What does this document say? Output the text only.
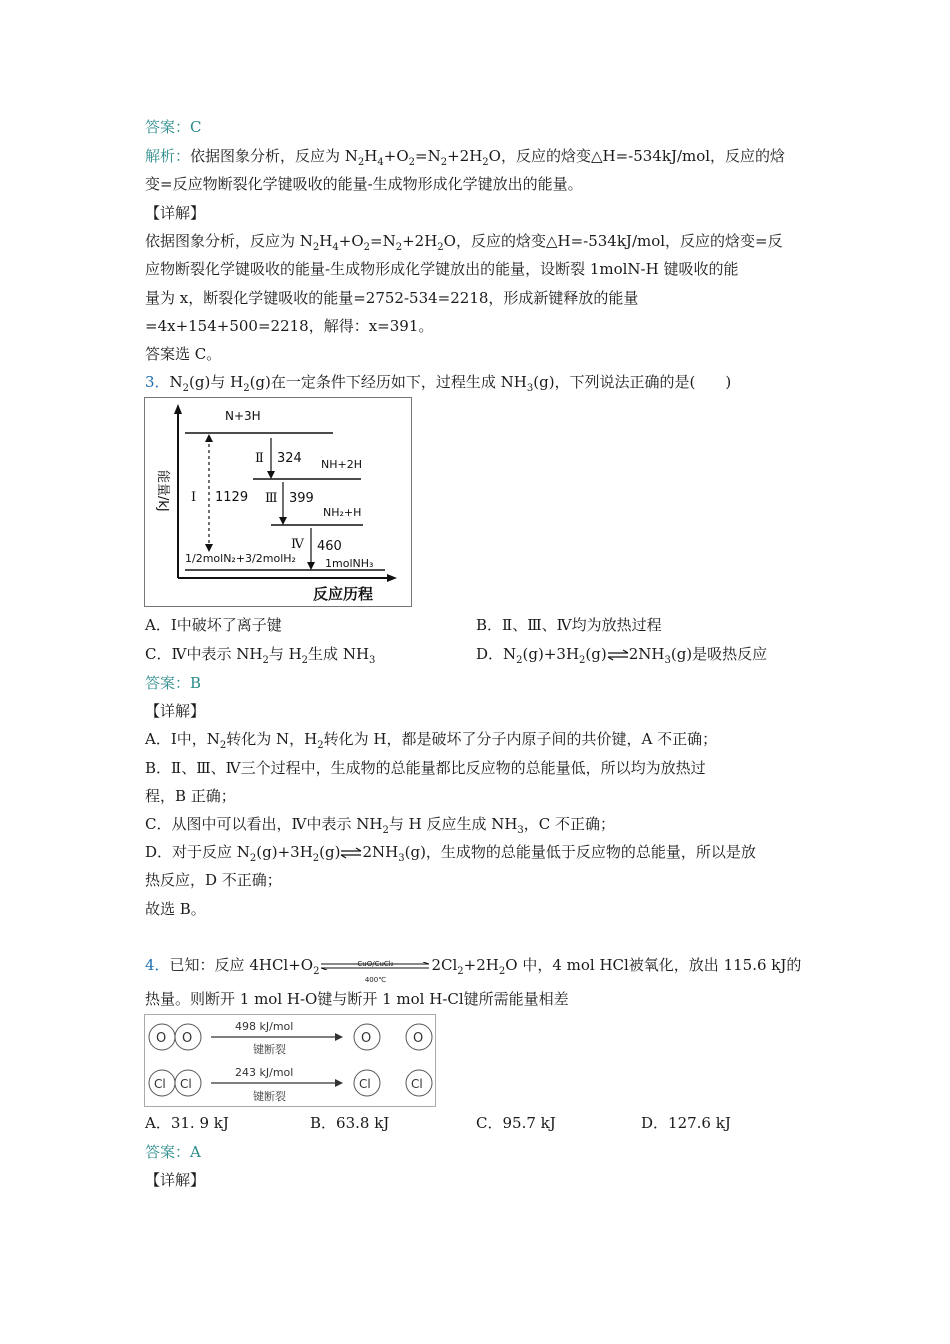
答案：C
解析：依据图象分析，反应为 $N_2H_4+O_2=N_2+2H_2O$，反应的焓变△H=-534kJ/mol，反应的焓
变=反应物断裂化学键吸收的能量-生成物形成化学键放出的能量。
【详解】
依据图象分析，反应为 $N_2H_4+O_2=N_2+2H_2O$，反应的焓变△H=-534kJ/mol，反应的焓变=反
应物断裂化学键吸收的能量-生成物形成化学键放出的能量，设断裂 1molN-H 键吸收的能
量为 x，断裂化学键吸收的能量=2752-534=2218，形成新键释放的能量
=4x+154+500=2218，解得：x=391。
答案选 C。
3．$N_2(g)$与 $H_2(g)$在一定条件下经历如下，过程生成 $NH_3(g)$，下列说法正确的是(　　)
能量/kJ
反应历程
N+3H
NH+2H
NH₂+H
1molNH₃
1/2molN₂+3/2molH₂
Ⅰ 1129
Ⅱ 324
Ⅲ 399
Ⅳ 460
A．Ⅰ中破坏了离子键	B．Ⅱ、Ⅲ、Ⅳ均为放热过程
C．Ⅳ中表示 $NH_2$与 $H_2$生成 $NH_3$	D．$N_2(g)+3H_2(g)\rightleftharpoons 2NH_3(g)$是吸热反应
答案：B
【详解】
A．Ⅰ中，$N_2$转化为 N，$H_2$转化为 H，都是破坏了分子内原子间的共价键，A 不正确；
B．Ⅱ、Ⅲ、Ⅳ三个过程中，生成物的总能量都比反应物的总能量低，所以均为放热过
程，B 正确；
C．从图中可以看出，Ⅳ中表示 $NH_2$与 H 反应生成 $NH_3$，C 不正确；
D．对于反应 $N_2(g)+3H_2(g)\rightleftharpoons 2NH_3(g)$，生成物的总能量低于反应物的总能量，所以是放
热反应，D 不正确；
故选 B。
4．已知：反应 $4HCl+O_2$
CuO/CuCl₂
400℃
$2Cl_2+2H_2O$ 中，4 mol HCl被氧化，放出 115.6 kJ的
热量。则断开 1 mol H-O键与断开 1 mol H-Cl键所需能量相差
O O
498 kJ/mol
键断裂
O	O
Cl Cl
243 kJ/mol
键断裂
Cl	Cl
A．31. 9 kJ	B．63.8 kJ	C．95.7 kJ	D．127.6 kJ
答案：A
【详解】
